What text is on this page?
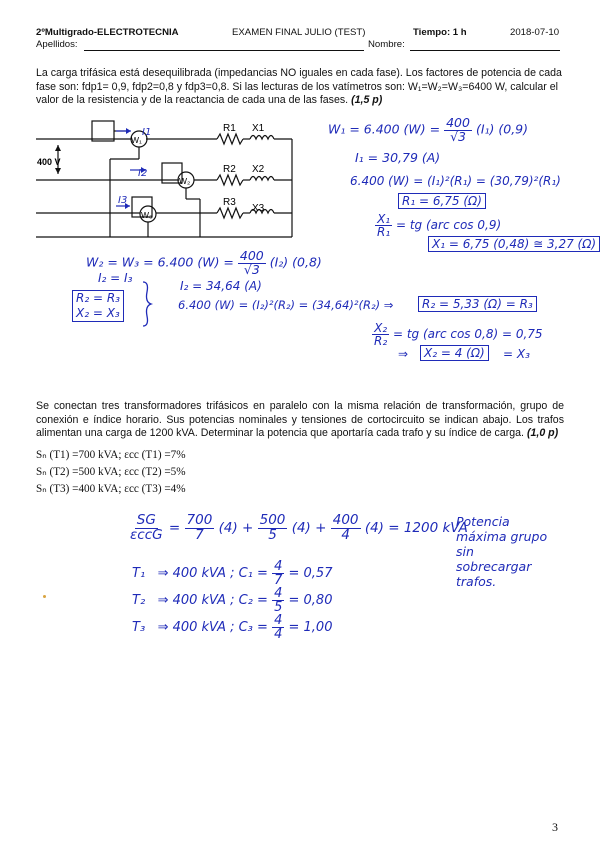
2ºMultigrado-ELECTROTECNIA	EXAMEN FINAL JULIO (TEST)	Tiempo: 1 h	2018-07-10
Apellidos:	Nombre:
La carga trifásica está desequilibrada (impedancias NO iguales en cada fase). Los factores de potencia de cada fase son: fdp1= 0,9, fdp2=0,8 y fdp3=0,8. Si las lecturas de los vatímetros son: W₁=W₂=W₃=6400 W, calcular el valor de la resistencia y de la reactancia de cada una de las fases. (1,5 p)
400 V
W₁
W₂
W₃
R1 X1
R2 X2
R3
X3
I1
I2
I3
W₁ = 6.400 $(W) = \frac{400}{√3} (I_1)$ (0,9)
I₁ = 30,79 (A)
6.400 (W) = (I₁)²(R₁) = (30,79)²(R₁)
R₁ = 6,75 (Ω)
$\frac{\text{X₁}}{\text{R₁}}$ = tg (arc cos 0,9)
X₁ = 6,75 (0,48) ≅ 3,27 (Ω)
W₂ = W₃ = 6.400 $(W) = \frac{400}{√3} (I_2)$ (0,8)
I₂ = I₃
R₂ = R₃
X₂ = X₃
I₂ = 34,64 (A)
6.400 (W) = (I₂)²(R₂) = (34,64)²(R₂) ⇒	R₂ = 5,33 (Ω) = R₃
$\frac{\text{X₂}}{\text{R₂}}$ = tg (arc cos 0,8) = 0,75
⇒	X₂ = 4 (Ω)	= X₃
Se conectan tres transformadores trifásicos en paralelo con la misma relación de transformación, grupo de conexión e índice horario. Sus potencias nominales y tensiones de cortocircuito se indican abajo. Los trafos alimentan una carga de 1200 kVA. Determinar la potencia que aportaría cada trafo y su índice de carga. (1,0 p)
Sₙ (T1) =700 kVA; εcc (T1) =7%
Sₙ (T2) =500 kVA; εcc (T2) =5%
Sₙ (T3) =400 kVA; εcc (T3) =4%
$\frac{SG}{\text{εccG}} = \frac{700}{7} (4) + \frac{500}{5} (4) + \frac{400}{4} (4) = 1200$ kVA
Potencia máxima grupo sin sobrecargar trafos.
T₁ ⇒ 400 kVA ; $C_1 = \frac{4}{7} = 0,57$
T₂ ⇒ 400 kVA ; $C_2 = \frac{4}{5} = 0,80$
T₃ ⇒ 400 kVA ; $C_3 = \frac{4}{4} = 1,00$
3
